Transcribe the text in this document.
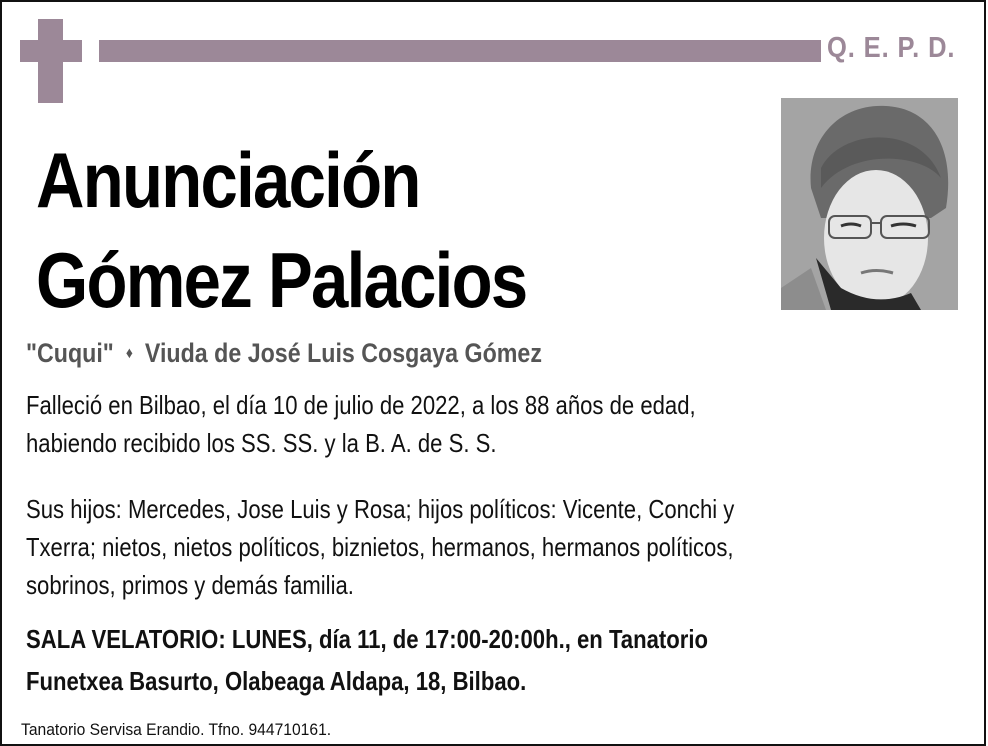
Q. E. P. D.
Anunciación
Gómez Palacios
"Cuqui" ♦ Viuda de José Luis Cosgaya Gómez
Falleció en Bilbao, el día 10 de julio de 2022, a los 88 años de edad,
habiendo recibido los SS. SS. y la B. A. de S. S.
Sus hijos: Mercedes, Jose Luis y Rosa; hijos políticos: Vicente, Conchi y
Txerra; nietos, nietos políticos, biznietos, hermanos, hermanos políticos,
sobrinos, primos y demás familia.
SALA VELATORIO: LUNES, día 11, de 17:00-20:00h., en Tanatorio
Funetxea Basurto, Olabeaga Aldapa, 18, Bilbao.
Tanatorio Servisa Erandio. Tfno. 944710161.
